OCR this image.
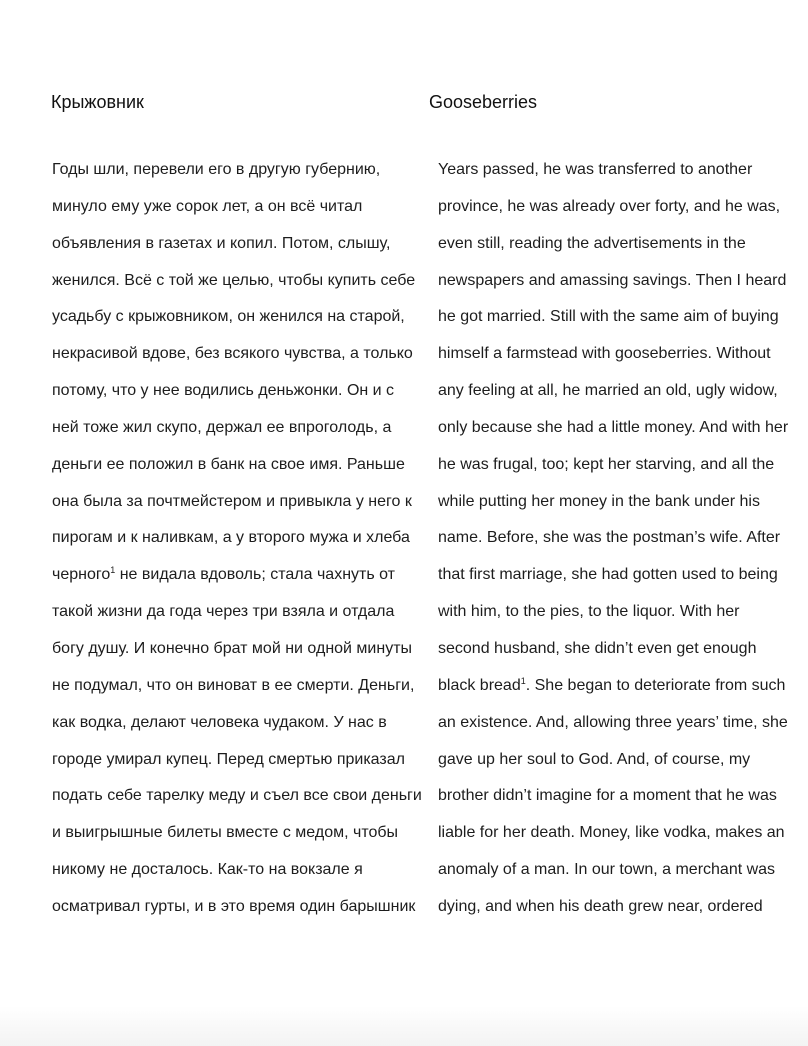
Крыжовник	Gooseberries
Годы шли, перевели его в другую губернию,
минуло ему уже сорок лет, а он всё читал
объявления в газетах и копил. Потом, слышу,
женился. Всё с той же целью, чтобы купить себе
усадьбу с крыжовником, он женился на старой,
некрасивой вдове, без всякого чувства, а только
потому, что у нее водились деньжонки. Он и с
ней тоже жил скупо, держал ее впроголодь, а
деньги ее положил в банк на свое имя. Раньше
она была за почтмейстером и привыкла у него к
пирогам и к наливкам, а у второго мужа и хлеба
черного$^1$ не видала вдоволь; стала чахнуть от
такой жизни да года через три взяла и отдала
богу душу. И конечно брат мой ни одной минуты
не подумал, что он виноват в ее смерти. Деньги,
как водка, делают человека чудаком. У нас в
городе умирал купец. Перед смертью приказал
подать себе тарелку меду и съел все свои деньги
и выигрышные билеты вместе с медом, чтобы
никому не досталось. Как-то на вокзале я
осматривал гурты, и в это время один барышник
Years passed, he was transferred to another
province, he was already over forty, and he was,
even still, reading the advertisements in the
newspapers and amassing savings. Then I heard
he got married. Still with the same aim of buying
himself a farmstead with gooseberries. Without
any feeling at all, he married an old, ugly widow,
only because she had a little money. And with her
he was frugal, too; kept her starving, and all the
while putting her money in the bank under his
name. Before, she was the postman’s wife. After
that first marriage, she had gotten used to being
with him, to the pies, to the liquor. With her
second husband, she didn’t even get enough
black bread$^1$. She began to deteriorate from such
an existence. And, allowing three years’ time, she
gave up her soul to God. And, of course, my
brother didn’t imagine for a moment that he was
liable for her death. Money, like vodka, makes an
anomaly of a man. In our town, a merchant was
dying, and when his death grew near, ordered
